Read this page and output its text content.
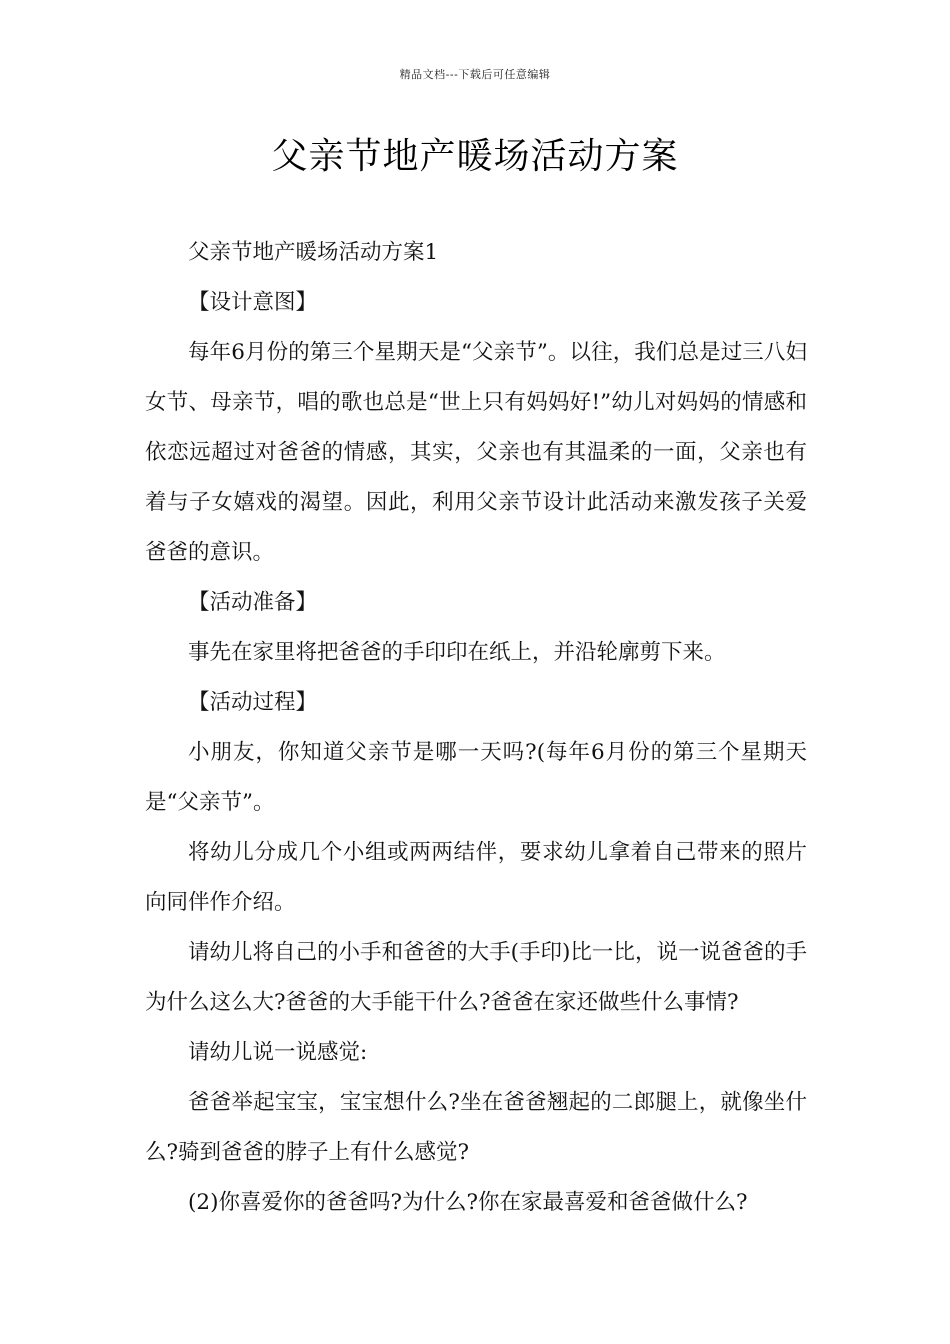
精品文档---下载后可任意编辑
父亲节地产暖场活动方案

父亲节地产暖场活动方案1

【设计意图】

每年6月份的第三个星期天是“父亲节”。以往，我们总是过三八妇女节、母亲节，唱的歌也总是“世上只有妈妈好!”幼儿对妈妈的情感和依恋远超过对爸爸的情感，其实，父亲也有其温柔的一面，父亲也有着与子女嬉戏的渴望。因此，利用父亲节设计此活动来激发孩子关爱爸爸的意识。

【活动准备】

事先在家里将把爸爸的手印印在纸上，并沿轮廓剪下来。

【活动过程】

小朋友，你知道父亲节是哪一天吗?(每年6月份的第三个星期天是“父亲节”。

将幼儿分成几个小组或两两结伴，要求幼儿拿着自己带来的照片向同伴作介绍。

请幼儿将自己的小手和爸爸的大手(手印)比一比，说一说爸爸的手为什么这么大?爸爸的大手能干什么?爸爸在家还做些什么事情?

请幼儿说一说感觉:

爸爸举起宝宝，宝宝想什么?坐在爸爸翘起的二郎腿上，就像坐什么?骑到爸爸的脖子上有什么感觉?

(2)你喜爱你的爸爸吗?为什么?你在家最喜爱和爸爸做什么?
